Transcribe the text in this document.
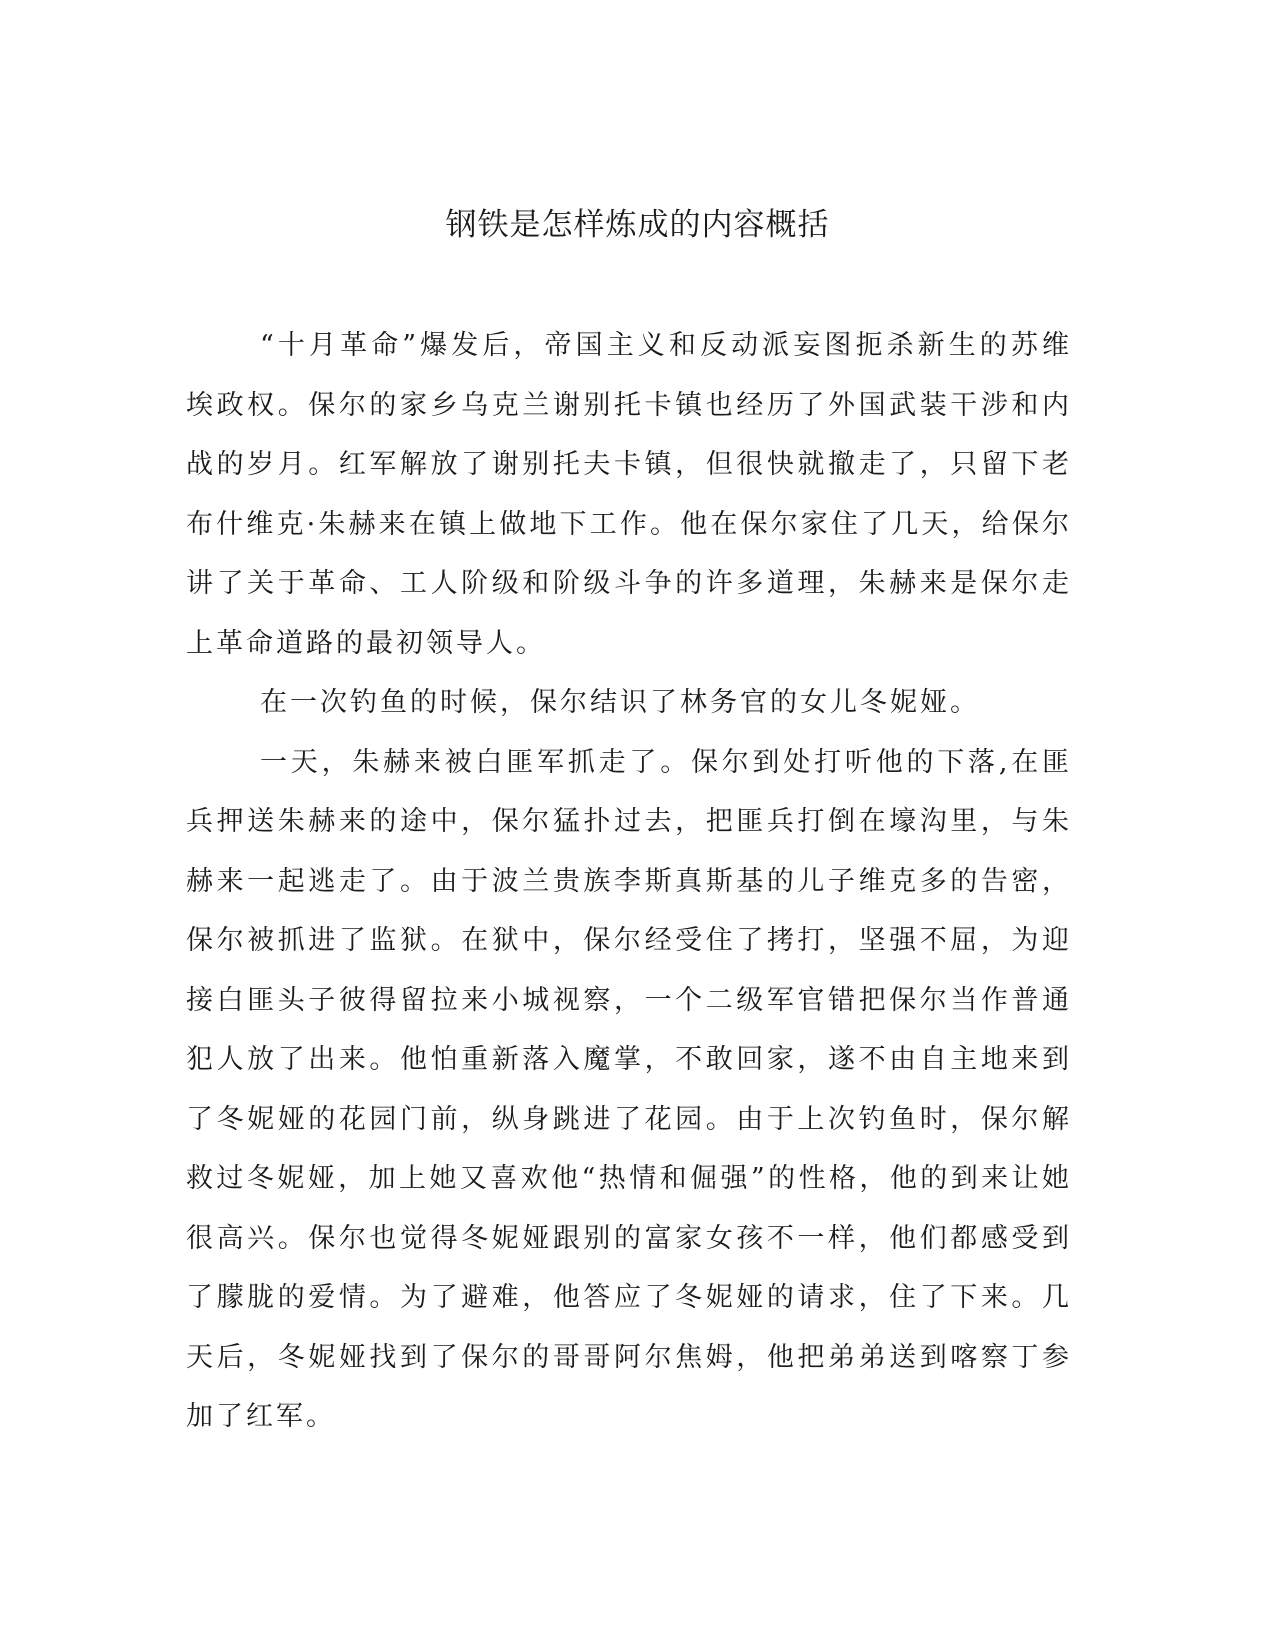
钢铁是怎样炼成的内容概括

“十月革命”爆发后，帝国主义和反动派妄图扼杀新生的苏维埃政权。保尔的家乡乌克兰谢别托卡镇也经历了外国武装干涉和内战的岁月。红军解放了谢别托夫卡镇，但很快就撤走了，只留下老布什维克·朱赫来在镇上做地下工作。他在保尔家住了几天，给保尔讲了关于革命、工人阶级和阶级斗争的许多道理，朱赫来是保尔走上革命道路的最初领导人。

在一次钓鱼的时候，保尔结识了林务官的女儿冬妮娅。

一天，朱赫来被白匪军抓走了。保尔到处打听他的下落,在匪兵押送朱赫来的途中，保尔猛扑过去，把匪兵打倒在壕沟里，与朱赫来一起逃走了。由于波兰贵族李斯真斯基的儿子维克多的告密，保尔被抓进了监狱。在狱中，保尔经受住了拷打，坚强不屈，为迎接白匪头子彼得留拉来小城视察，一个二级军官错把保尔当作普通犯人放了出来。他怕重新落入魔掌，不敢回家，遂不由自主地来到了冬妮娅的花园门前，纵身跳进了花园。由于上次钓鱼时，保尔解救过冬妮娅，加上她又喜欢他“热情和倔强”的性格，他的到来让她很高兴。保尔也觉得冬妮娅跟别的富家女孩不一样，他们都感受到了朦胧的爱情。为了避难，他答应了冬妮娅的请求，住了下来。几天后，冬妮娅找到了保尔的哥哥阿尔焦姆，他把弟弟送到喀察丁参加了红军。
